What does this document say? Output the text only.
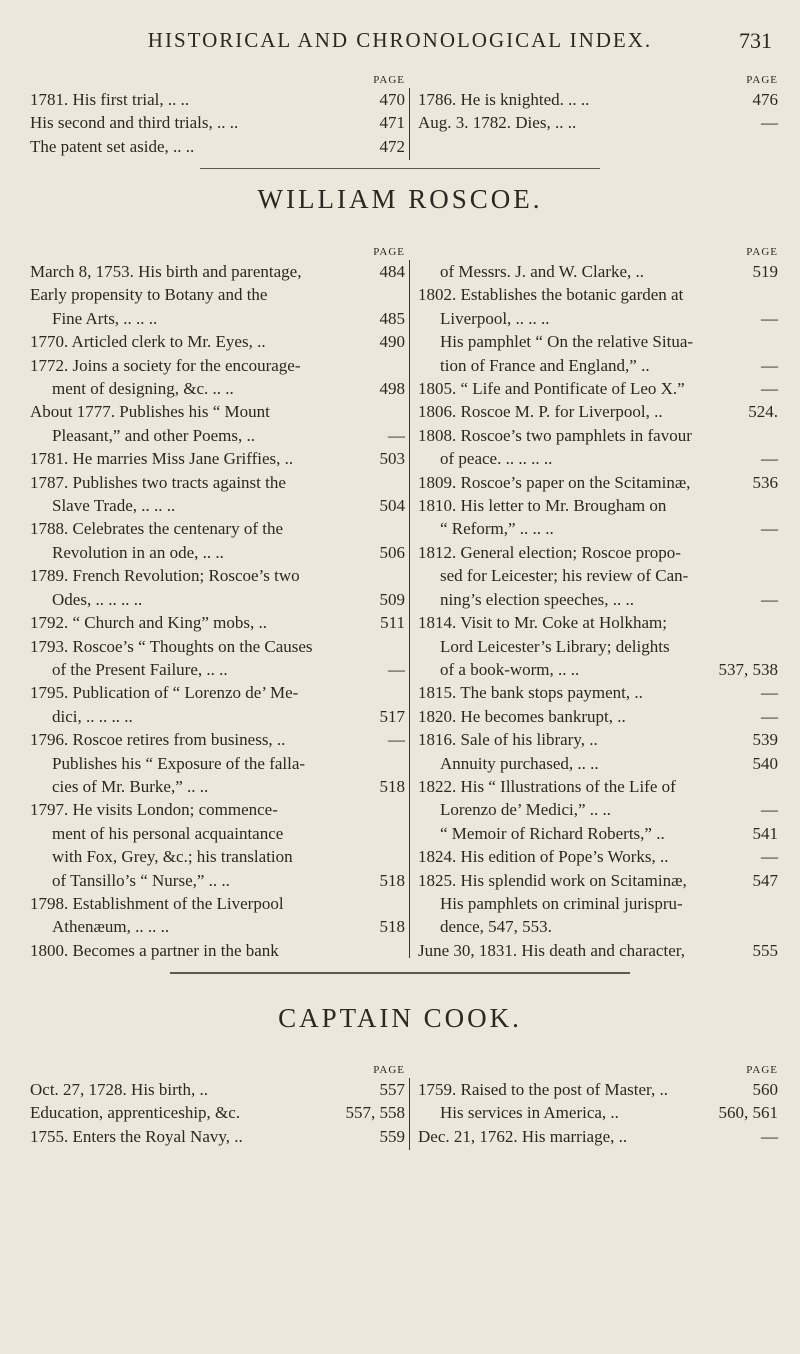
HISTORICAL AND CHRONOLOGICAL INDEX.	731
PAGE
1781. His first trial, .. ..	470
His second and third trials, .. ..	471
The patent set aside, .. ..	472
PAGE
1786. He is knighted. .. ..	476
Aug. 3. 1782. Dies, .. ..	—
WILLIAM ROSCOE.
PAGE
March 8, 1753. His birth and parentage,	484
Early propensity to Botany and the
Fine Arts, .. .. ..	485
1770. Articled clerk to Mr. Eyes, ..	490
1772. Joins a society for the encourage-
ment of designing, &c. .. ..	498
About 1777. Publishes his “ Mount
Pleasant,” and other Poems, ..	—
1781. He marries Miss Jane Griffies, ..	503
1787. Publishes two tracts against the
Slave Trade, .. .. ..	504
1788. Celebrates the centenary of the
Revolution in an ode, .. ..	506
1789. French Revolution; Roscoe’s two
Odes, .. .. .. ..	509
1792. “ Church and King” mobs, ..	511
1793. Roscoe’s “ Thoughts on the Causes
of the Present Failure, .. ..	—
1795. Publication of “ Lorenzo de’ Me-
dici, .. .. .. ..	517
1796. Roscoe retires from business, ..	—
Publishes his “ Exposure of the falla-
cies of Mr. Burke,” .. ..	518
1797. He visits London; commence-
ment of his personal acquaintance
with Fox, Grey, &c.; his translation
of Tansillo’s “ Nurse,” .. ..	518
1798. Establishment of the Liverpool
Athenæum, .. .. ..	518
1800. Becomes a partner in the bank
PAGE
of Messrs. J. and W. Clarke, ..	519
1802. Establishes the botanic garden at
Liverpool, .. .. ..	—
His pamphlet “ On the relative Situa-
tion of France and England,” ..	—
1805. “ Life and Pontificate of Leo X.”	—
1806. Roscoe M. P. for Liverpool, ..	524.
1808. Roscoe’s two pamphlets in favour
of peace. .. .. .. ..	—
1809. Roscoe’s paper on the Scitaminæ,	536
1810. His letter to Mr. Brougham on
“ Reform,” .. .. ..	—
1812. General election; Roscoe propo-
sed for Leicester; his review of Can-
ning’s election speeches, .. ..	—
1814. Visit to Mr. Coke at Holkham;
Lord Leicester’s Library; delights
of a book-worm, .. ..	537, 538
1815. The bank stops payment, ..	—
1820. He becomes bankrupt, ..	—
1816. Sale of his library, ..	539
Annuity purchased, .. ..	540
1822. His “ Illustrations of the Life of
Lorenzo de’ Medici,” .. ..	—
“ Memoir of Richard Roberts,” ..	541
1824. His edition of Pope’s Works, ..	—
1825. His splendid work on Scitaminæ,	547
His pamphlets on criminal jurispru-
dence, 547, 553.
June 30, 1831. His death and character,	555
CAPTAIN COOK.
PAGE
Oct. 27, 1728. His birth, ..	557
Education, apprenticeship, &c.	557, 558
1755. Enters the Royal Navy, ..	559
PAGE
1759. Raised to the post of Master, ..	560
His services in America, ..	560, 561
Dec. 21, 1762. His marriage, ..	—
